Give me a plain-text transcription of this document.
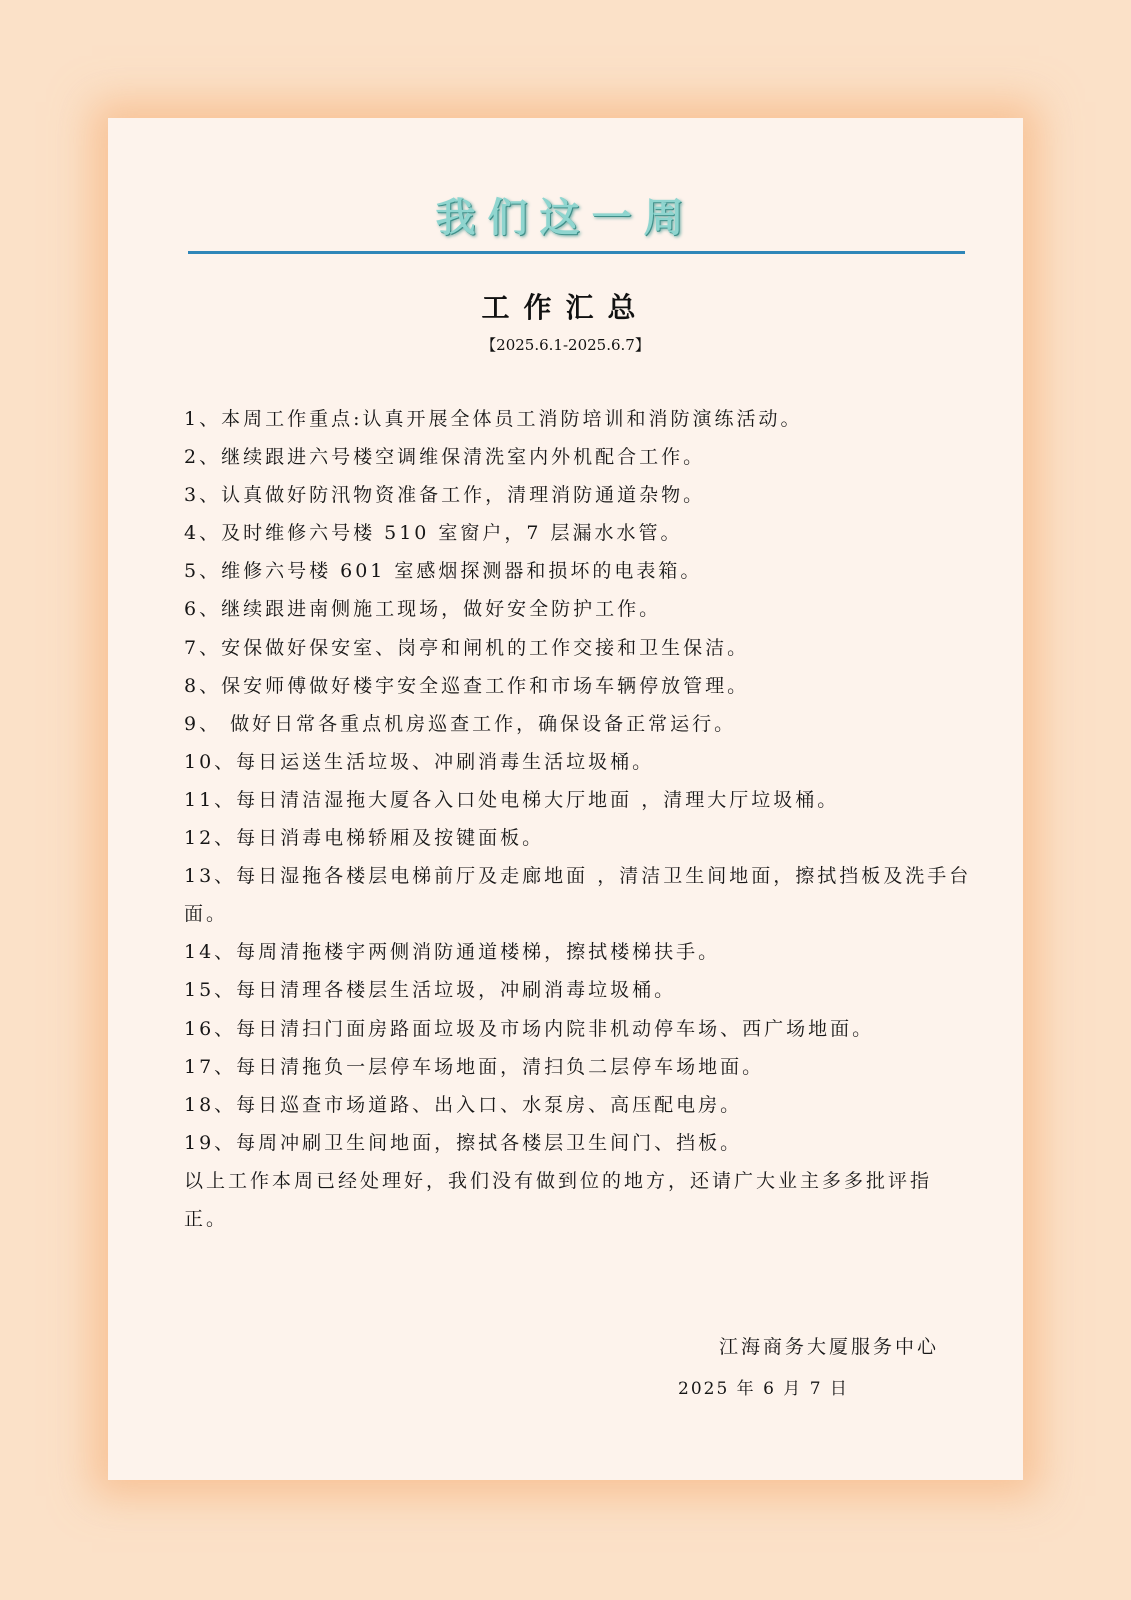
我们这一周
工作汇总
【2025.6.1-2025.6.7】

1、本周工作重点:认真开展全体员工消防培训和消防演练活动。

2、继续跟进六号楼空调维保清洗室内外机配合工作。

3、认真做好防汛物资准备工作，清理消防通道杂物。

4、及时维修六号楼 510 室窗户，7 层漏水水管。

5、维修六号楼 601 室感烟探测器和损坏的电表箱。

6、继续跟进南侧施工现场，做好安全防护工作。

7、安保做好保安室、岗亭和闸机的工作交接和卫生保洁。

8、保安师傅做好楼宇安全巡查工作和市场车辆停放管理。

9、 做好日常各重点机房巡查工作，确保设备正常运行。

10、每日运送生活垃圾、冲刷消毒生活垃圾桶。

11、每日清洁湿拖大厦各入口处电梯大厅地面 ，清理大厅垃圾桶。

12、每日消毒电梯轿厢及按键面板。

13、每日湿拖各楼层电梯前厅及走廊地面 ，清洁卫生间地面，擦拭挡板及洗手台面。

14、每周清拖楼宇两侧消防通道楼梯，擦拭楼梯扶手。

15、每日清理各楼层生活垃圾，冲刷消毒垃圾桶。

16、每日清扫门面房路面垃圾及市场内院非机动停车场、西广场地面。

17、每日清拖负一层停车场地面，清扫负二层停车场地面。

18、每日巡查市场道路、出入口、水泵房、高压配电房。

19、每周冲刷卫生间地面，擦拭各楼层卫生间门、挡板。

以上工作本周已经处理好，我们没有做到位的地方，还请广大业主多多批评指正。

江海商务大厦服务中心
2025 年 6 月 7 日
